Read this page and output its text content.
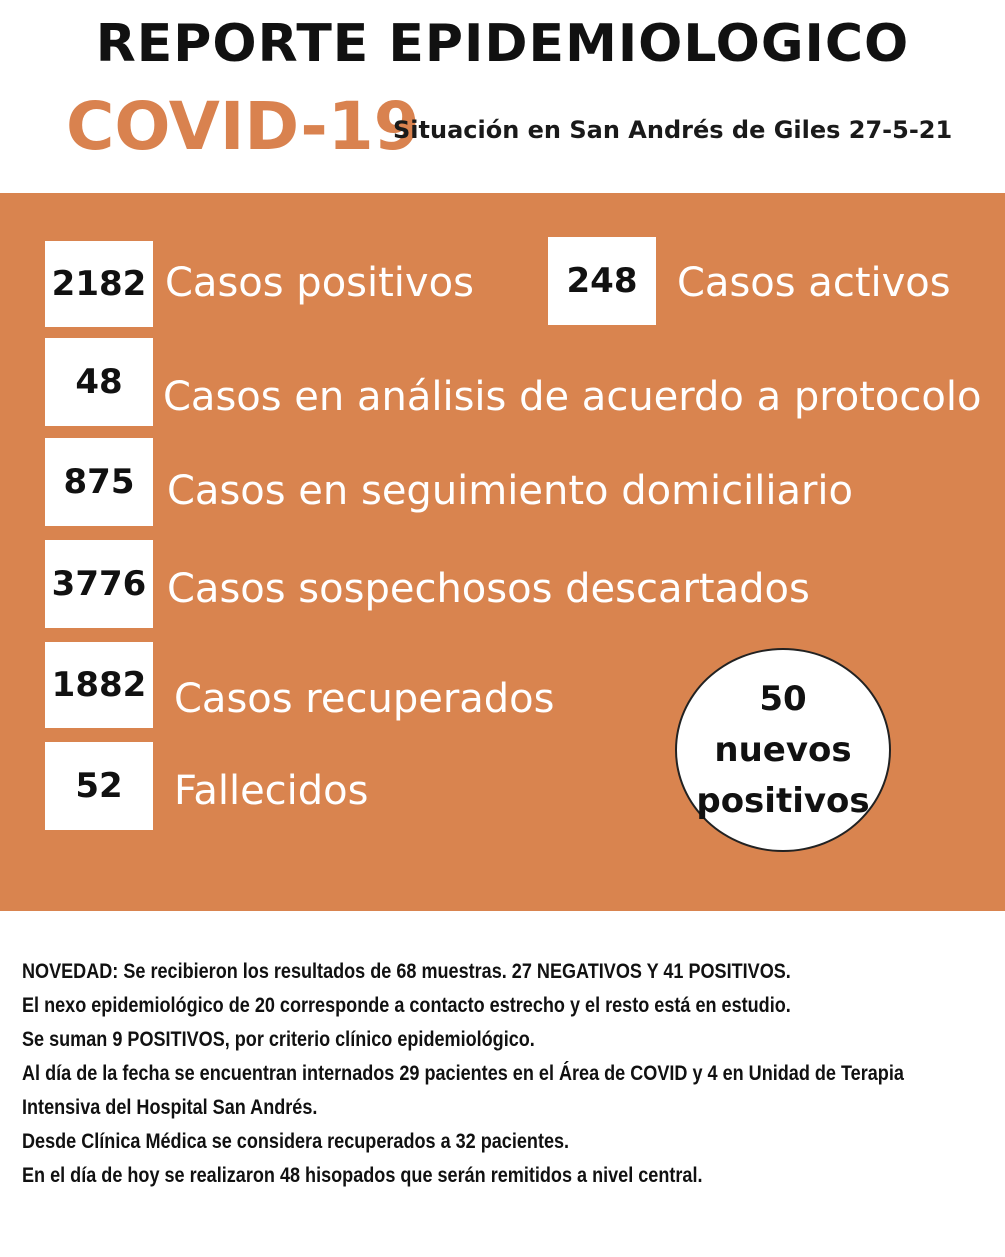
REPORTE EPIDEMIOLOGICO
COVID-19
Situación en San Andrés de Giles 27-5-21
2182 Casos positivos	248 Casos activos
48 Casos en análisis de acuerdo a protocolo
875 Casos en seguimiento domiciliario
3776 Casos sospechosos descartados
1882 Casos recuperados
52 Fallecidos
50
nuevos
positivos
NOVEDAD: Se recibieron los resultados de 68 muestras. 27 NEGATIVOS Y 41 POSITIVOS.
El nexo epidemiológico de 20 corresponde a contacto estrecho y el resto está en estudio.
Se suman 9 POSITIVOS, por criterio clínico epidemiológico.
Al día de la fecha se encuentran internados 29 pacientes en el Área de COVID y 4 en Unidad de Terapia
Intensiva del Hospital San Andrés.
Desde Clínica Médica se considera recuperados a 32 pacientes.
En el día de hoy se realizaron 48 hisopados que serán remitidos a nivel central.
